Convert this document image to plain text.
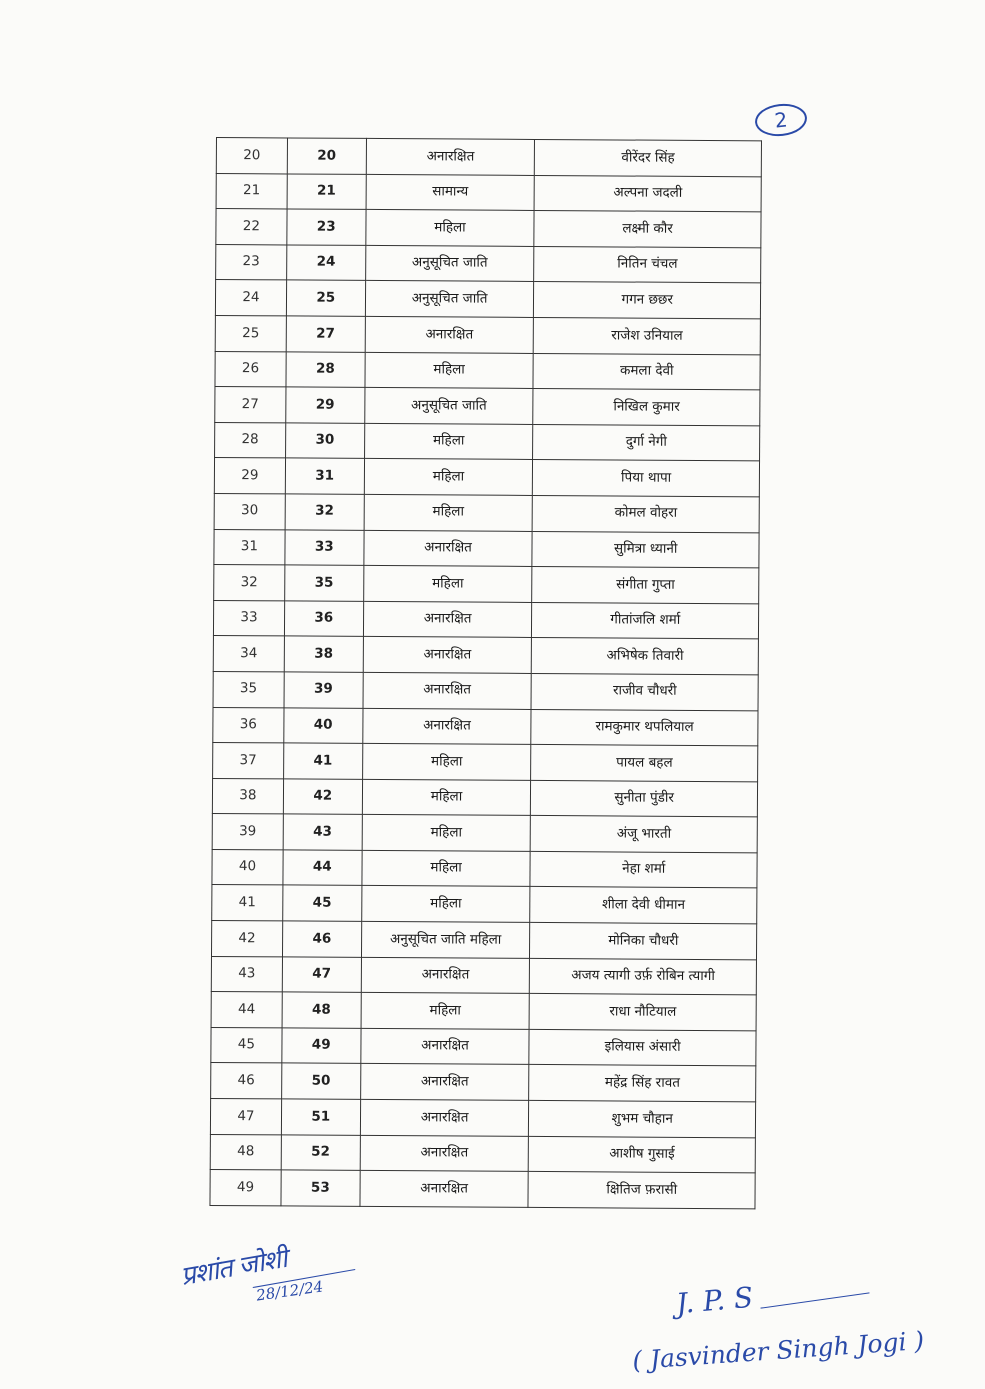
2
20	20	अनारक्षित	वीरेंदर सिंह
21	21	सामान्य	अल्पना जदली
22	23	महिला	लक्ष्मी कौर
23	24	अनुसूचित जाति	नितिन चंचल
24	25	अनुसूचित जाति	गगन छछर
25	27	अनारक्षित	राजेश उनियाल
26	28	महिला	कमला देवी
27	29	अनुसूचित जाति	निखिल कुमार
28	30	महिला	दुर्गा नेगी
29	31	महिला	पिया थापा
30	32	महिला	कोमल वोहरा
31	33	अनारक्षित	सुमित्रा ध्यानी
32	35	महिला	संगीता गुप्ता
33	36	अनारक्षित	गीतांजलि शर्मा
34	38	अनारक्षित	अभिषेक तिवारी
35	39	अनारक्षित	राजीव चौधरी
36	40	अनारक्षित	रामकुमार थपलियाल
37	41	महिला	पायल बहल
38	42	महिला	सुनीता पुंडीर
39	43	महिला	अंजू भारती
40	44	महिला	नेहा शर्मा
41	45	महिला	शीला देवी धीमान
42	46	अनुसूचित जाति महिला	मोनिका चौधरी
43	47	अनारक्षित	अजय त्यागी उर्फ़ रोबिन त्यागी
44	48	महिला	राधा नौटियाल
45	49	अनारक्षित	इलियास अंसारी
46	50	अनारक्षित	महेंद्र सिंह रावत
47	51	अनारक्षित	शुभम चौहान
48	52	अनारक्षित	आशीष गुसाई
49	53	अनारक्षित	क्षितिज फ़रासी
प्रशांत जोशी
28/12/24	J. P. S
( Jasvinder Singh Jogi )
